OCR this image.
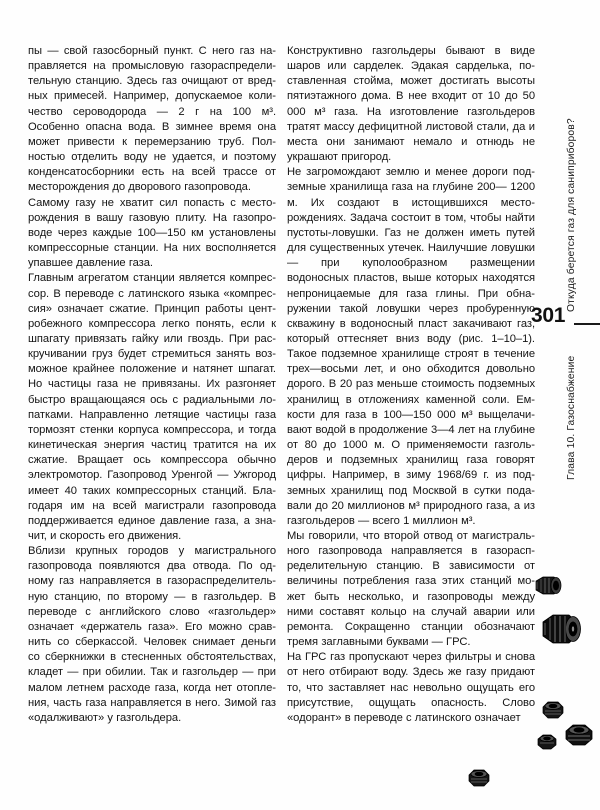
пы — свой газосборный пункт. С него газ направляется на промысловую газораспределительную станцию. Здесь газ очищают от вредных примесей. Например, допускаемое количество сероводорода — 2 г на 100 м³. Особенно опасна вода. В зимнее время она может привести к перемерзанию труб. Полностью отделить воду не удается, и поэтому конденсатосборники есть на всей трассе от месторождения до дворового газопровода.

Самому газу не хватит сил попасть с месторождения в вашу газовую плиту. На газопроводе через каждые 100—150 км установлены компрессорные станции. На них восполняется упавшее давление газа.

Главным агрегатом станции является компрессор. В переводе с латинского языка «компрессия» означает сжатие. Принцип работы центробежного компрессора легко понять, если к шпагату привязать гайку или гвоздь. При раскручивании груз будет стремиться занять возможное крайнее положение и натянет шпагат. Но частицы газа не привязаны. Их разгоняет быстро вращающаяся ось с радиальными лопатками. Направленно летящие частицы газа тормозят стенки корпуса компрессора, и тогда кинетическая энергия частиц тратится на их сжатие. Вращает ось компрессора обычно электромотор. Газопровод Уренгой — Ужгород имеет 40 таких компрессорных станций. Благодаря им на всей магистрали газопровода поддерживается единое давление газа, а значит, и скорость его движения.

Вблизи крупных городов у магистрального газопровода появляются два отвода. По одному газ направляется в газораспределительную станцию, по второму — в газгольдер. В переводе с английского слово «газгольдер» означает «держатель газа». Его можно сравнить со сберкассой. Человек снимает деньги со сберкнижки в стесненных обстоятельствах, кладет — при обилии. Так и газгольдер — при малом летнем расходе газа, когда нет отопления, часть газа направляется в него. Зимой газ «одалживают» у газгольдера.

Конструктивно газгольдеры бывают в виде шаров или сарделек. Эдакая сарделька, поставленная стойма, может достигать высоты пятиэтажного дома. В нее входит от 10 до 50 000 м³ газа. На изготовление газгольдеров тратят массу дефицитной листовой стали, да и места они занимают немало и отнюдь не украшают пригород.

Не загромождают землю и менее дороги подземные хранилища газа на глубине 200— 1200 м. Их создают в истощившихся месторождениях. Задача состоит в том, чтобы найти пустоты-ловушки. Газ не должен иметь путей для существенных утечек. Наилучшие ловушки — при куполообразном размещении водоносных пластов, выше которых находятся непроницаемые для газа глины. При обнаружении такой ловушки через пробуренную скважину в водоносный пласт закачивают газ, который оттесняет вниз воду (рис. 1–10–1). Такое подземное хранилище строят в течение трех—восьми лет, и оно обходится довольно дорого. В 20 раз меньше стоимость подземных хранилищ в отложениях каменной соли. Емкости для газа в 100—150 000 м³ выщелачивают водой в продолжение 3—4 лет на глубине от 80 до 1000 м. О применяемости газгольдеров и подземных хранилищ газа говорят цифры. Например, в зиму 1968/69 г. из подземных хранилищ под Москвой в сутки подавали до 20 миллионов м³ природного газа, а из газгольдеров — всего 1 миллион м³.

Мы говорили, что второй отвод от магистрального газопровода направляется в газораспределительную станцию. В зависимости от величины потребления газа этих станций может быть несколько, и газопроводы между ними составят кольцо на случай аварии или ремонта. Сокращенно станции обозначают тремя заглавными буквами — ГРС.

На ГРС газ пропускают через фильтры и снова от него отбирают воду. Здесь же газу придают то, что заставляет нас невольно ощущать его присутствие, ощущать опасность. Слово «одорант» в переводе с латинского означает

301
Откуда берется газ для саниприборов?
Глава 10. Газоснабжение
